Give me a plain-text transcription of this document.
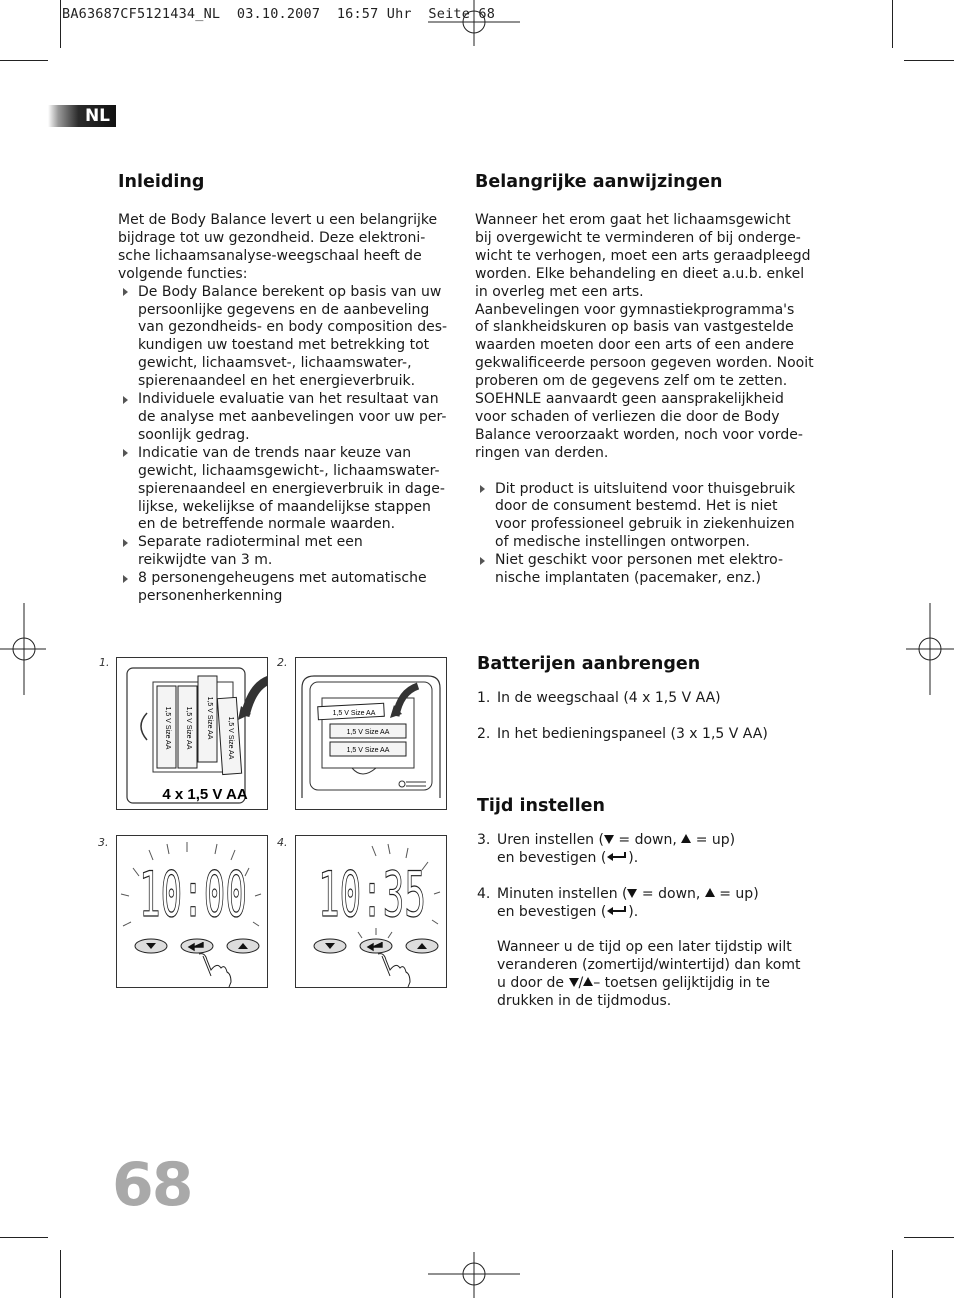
BA63687CF5121434_NL  03.10.2007  16:57 Uhr  Seite 68
NL
Inleiding

Met de Body Balance levert u een belangrijke
bijdrage tot uw gezondheid. Deze elektroni-
sche lichaamsanalyse-weegschaal heeft de
volgende functies:

De Body Balance berekent op basis van uw
persoonlijke gegevens en de aanbeveling
van gezondheids- en body composition des-
kundigen uw toestand met betrekking tot
gewicht, lichaamsvet-, lichaamswater-,
spierenaandeel en het energieverbruik.
Individuele evaluatie van het resultaat van
de analyse met aanbevelingen voor uw per-
soonlijk gedrag.
Indicatie van de trends naar keuze van
gewicht, lichaamsgewicht-, lichaamswater-
spierenaandeel en energieverbruik in dage-
lijkse, wekelijkse of maandelijkse stappen
en de betreffende normale waarden.
Separate radioterminal met een
reikwijdte van 3 m.
8 personengeheugens met automatische
personenherkenning
Belangrijke aanwijzingen

Wanneer het erom gaat het lichaamsgewicht
bij overgewicht te verminderen of bij onderge-
wicht te verhogen, moet een arts geraadpleegd
worden. Elke behandeling en dieet a.u.b. enkel
in overleg met een arts.
Aanbevelingen voor gymnastiekprogramma's
of slankheidskuren op basis van vastgestelde
waarden moeten door een arts of een andere
gekwalificeerde persoon gegeven worden. Nooit
proberen om de gegevens zelf om te zetten.
SOEHNLE aanvaardt geen aansprakelijkheid
voor schaden of verliezen die door de Body
Balance veroorzaakt worden, noch voor vorde-
ringen van derden.

Dit product is uitsluitend voor thuisgebruik
door de consument bestemd. Het is niet
voor professioneel gebruik in ziekenhuizen
of medische instellingen ontworpen.
Niet geschikt voor personen met elektro-
nische implantaten (pacemaker, enz.)
Batterijen aanbrengen
1. In de weegschaal (4 x 1,5 V AA)
2. In het bedieningspaneel (3 x 1,5 V AA)
Tijd instellen
3. Uren instellen ( = down,  = up)
en bevestigen ( ).
4. Minuten instellen ( = down,  = up)
en bevestigen ( ).
Wanneer u de tijd op een later tijdstip wilt
veranderen (zomertijd/wintertijd) dan komt
u door de / – toetsen gelijktijdig in te
drukken in de tijdmodus.
1.
1,5 V Size AA 1,5 V Size AA 1,5 V Size AA 1,5 V Size AA
4 x 1,5 V AA
2.
1,5 V Size AA
1,5 V Size AA
1,5 V Size AA
3.
10:00
4.
10:35
68
